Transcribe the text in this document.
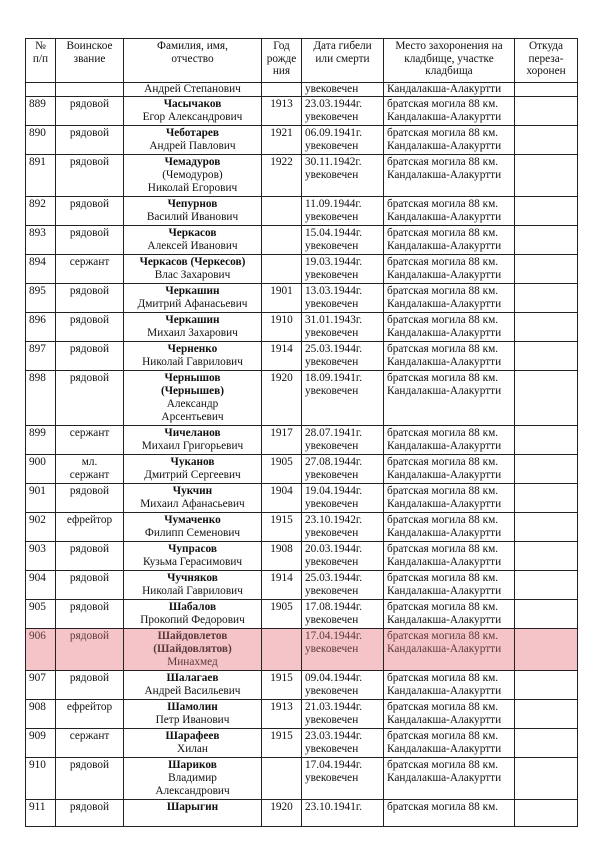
№
п/п	Воинское
звание	Фамилия, имя,
отчество	Год
рожде
ния	Дата гибели
или смерти	Место захоронения на
кладбище, участке
кладбища	Откуда
переза-
хоронен

		Андрей Степанович		увековечен	Кандалакша-Алакуртти	
889	рядовой	Часычаков
Егор Александрович	1913	23.03.1944г.
увековечен	братская могила 88 км.
Кандалакша-Алакуртти	

890	рядовой	Чеботарев
Андрей Павлович	1921	06.09.1941г.
увековечен	братская могила 88 км.
Кандалакша-Алакуртти	

891	рядовой	Чемадуров
(Чемодуров)
Николай Егорович	1922	30.11.1942г.
увековечен	братская могила 88 км.
Кандалакша-Алакуртти	

892	рядовой	Чепурнов
Василий Иванович		11.09.1944г.
увековечен	братская могила 88 км.
Кандалакша-Алакуртти	

893	рядовой	Черкасов
Алексей Иванович		15.04.1944г.
увековечен	братская могила 88 км.
Кандалакша-Алакуртти	

894	сержант	Черкасов (Черкесов)
Влас Захарович		19.03.1944г.
увековечен	братская могила 88 км.
Кандалакша-Алакуртти	

895	рядовой	Черкашин
Дмитрий Афанасьевич	1901	13.03.1944г.
увековечен	братская могила 88 км.
Кандалакша-Алакуртти	

896	рядовой	Черкашин
Михаил Захарович	1910	31.01.1943г.
увековечен	братская могила 88 км.
Кандалакша-Алакуртти	

897	рядовой	Черненко
Николай Гаврилович	1914	25.03.1944г.
увековечен	братская могила 88 км.
Кандалакша-Алакуртти	

898	рядовой	Чернышов
(Чернышев)
Александр
Арсентьевич	1920	18.09.1941г.
увековечен	братская могила 88 км.
Кандалакша-Алакуртти	

899	сержант	Чичеланов
Михаил Григорьевич	1917	28.07.1941г.
увековечен	братская могила 88 км.
Кандалакша-Алакуртти	

900	мл.
сержант	Чуканов
Дмитрий Сергеевич	1905	27.08.1944г.
увековечен	братская могила 88 км.
Кандалакша-Алакуртти	

901	рядовой	Чукчин
Михаил Афанасьевич	1904	19.04.1944г.
увековечен	братская могила 88 км.
Кандалакша-Алакуртти	

902	ефрейтор	Чумаченко
Филипп Семенович	1915	23.10.1942г.
увековечен	братская могила 88 км.
Кандалакша-Алакуртти	

903	рядовой	Чупрасов
Кузьма Герасимович	1908	20.03.1944г.
увековечен	братская могила 88 км.
Кандалакша-Алакуртти	

904	рядовой	Чучняков
Николай Гаврилович	1914	25.03.1944г.
увековечен	братская могила 88 км.
Кандалакша-Алакуртти	

905	рядовой	Шабалов
Прокопий Федорович	1905	17.08.1944г.
увековечен	братская могила 88 км.
Кандалакша-Алакуртти	

906	рядовой	Шайдовлетов
(Шайдовлятов)
Минахмед		17.04.1944г.
увековечен	братская могила 88 км.
Кандалакша-Алакуртти	

907	рядовой	Шалагаев
Андрей Васильевич	1915	09.04.1944г.
увековечен	братская могила 88 км.
Кандалакша-Алакуртти	

908	ефрейтор	Шамолин
Петр Иванович	1913	21.03.1944г.
увековечен	братская могила 88 км.
Кандалакша-Алакуртти	

909	сержант	Шарафеев
Хилан	1915	23.03.1944г.
увековечен	братская могила 88 км.
Кандалакша-Алакуртти	

910	рядовой	Шариков
Владимир
Александрович		17.04.1944г.
увековечен	братская могила 88 км.
Кандалакша-Алакуртти	

911	рядовой	Шарыгин	1920	23.10.1941г.	братская могила 88 км.	
